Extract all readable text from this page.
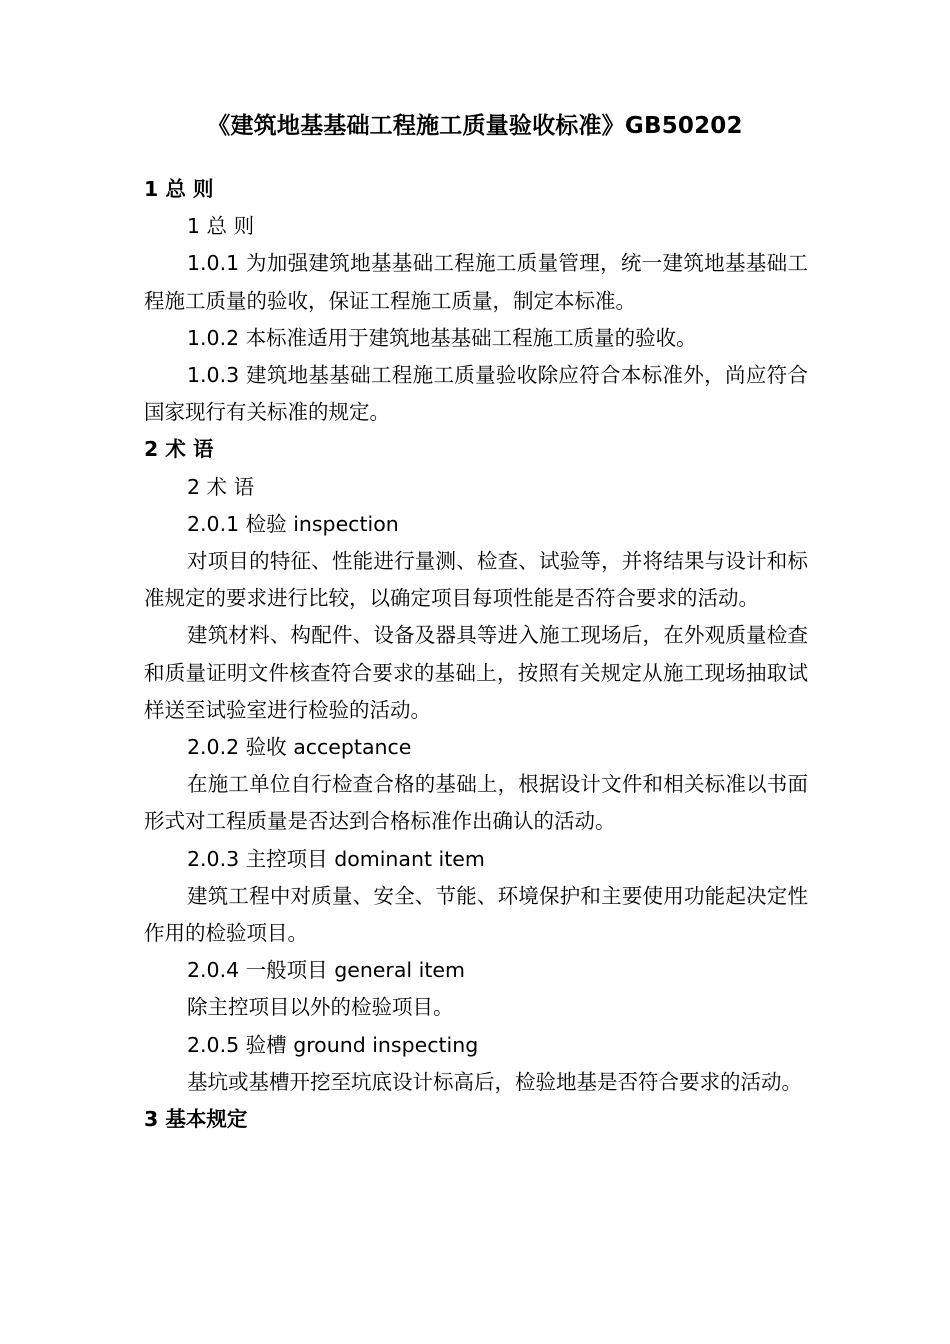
《建筑地基基础工程施工质量验收标准》GB50202

1 总 则

1 总 则

1.0.1 为加强建筑地基基础工程施工质量管理，统一建筑地基基础工程施工质量的验收，保证工程施工质量，制定本标准。

1.0.2 本标准适用于建筑地基基础工程施工质量的验收。

1.0.3 建筑地基基础工程施工质量验收除应符合本标准外，尚应符合国家现行有关标准的规定。

2 术 语

2 术 语

2.0.1 检验 inspection

对项目的特征、性能进行量测、检查、试验等，并将结果与设计和标准规定的要求进行比较，以确定项目每项性能是否符合要求的活动。

建筑材料、构配件、设备及器具等进入施工现场后，在外观质量检查和质量证明文件核查符合要求的基础上，按照有关规定从施工现场抽取试样送至试验室进行检验的活动。

2.0.2 验收 acceptance

在施工单位自行检查合格的基础上，根据设计文件和相关标准以书面形式对工程质量是否达到合格标准作出确认的活动。

2.0.3 主控项目 dominant item

建筑工程中对质量、安全、节能、环境保护和主要使用功能起决定性作用的检验项目。

2.0.4 一般项目 general item

除主控项目以外的检验项目。

2.0.5 验槽 ground inspecting

基坑或基槽开挖至坑底设计标高后，检验地基是否符合要求的活动。

3 基本规定
